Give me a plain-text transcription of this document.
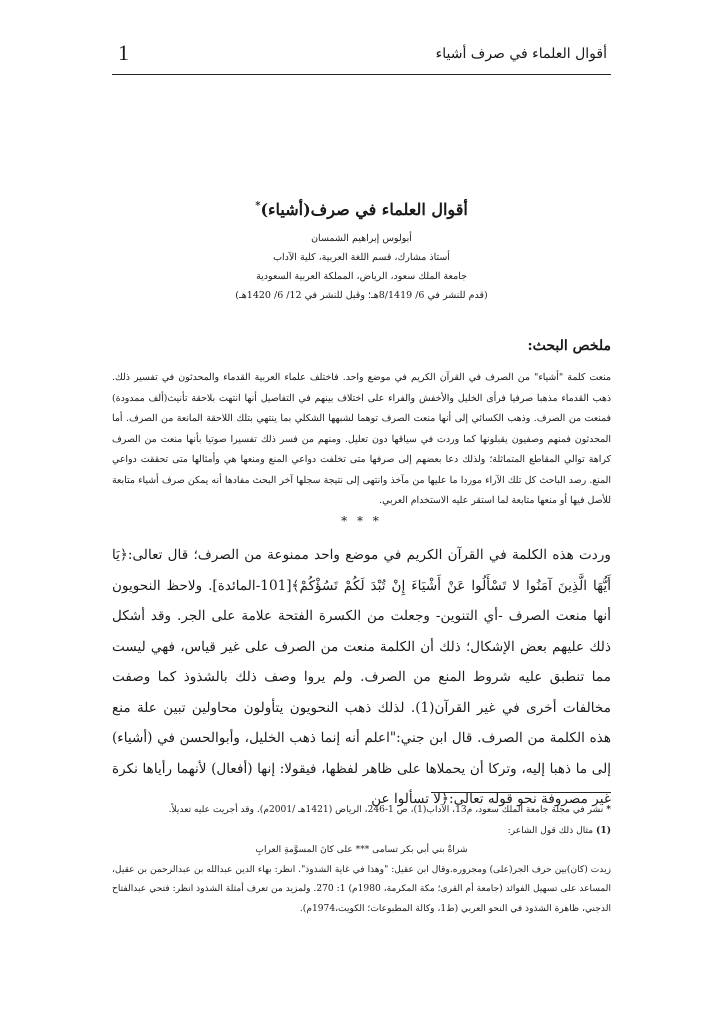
1	أقوال العلماء في صرف أشياء
أقوال العلماء في صرف(أشياء)*

أبولوس إبراهيم الشمسان

أستاذ مشارك، قسم اللغة العربية، كلية الآداب

جامعة الملك سعود، الرياض، المملكة العربية السعودية

(قدم للنشر في 6/ 8/1419هـ؛ وقبل للنشر في 12/ 6/ 1420هـ)

ملخص البحث:

منعت كلمة "أشياء" من الصرف في القرآن الكريم في موضع واحد. فاختلف علماء العربية القدماء والمحدثون في تفسير ذلك. ذهب القدماء مذهبا صرفيا فرأى الخليل والأخفش والفراء على اختلاف بينهم في التفاصيل أنها انتهت بلاحقة تأنيث(ألف ممدودة) فمنعت من الصرف. وذهب الكسائي إلى أنها منعت الصرف توهما لشبهها الشكلي بما ينتهي بتلك اللاحقة المانعة من الصرف. أما المحدثون فمنهم وصفيون يقبلونها كما وردت في سياقها دون تعليل. ومنهم من فسر ذلك تفسيرا صوتيا بأنها منعت من الصرف كراهة توالي المقاطع المتماثلة؛ ولذلك دعا بعضهم إلى صرفها متى تخلفت دواعي المنع ومنعها هي وأمثالها متى تحققت دواعي المنع. رصد الباحث كل تلك الآراء موردا ما عليها من مآخذ وانتهى إلى نتيجة سجلها آخر البحث مفادها أنه يمكن صرف أشياء متابعة للأصل فيها أو منعها متابعة لما استقر عليه الاستخدام العربي.

* * *

وردت هذه الكلمة في القرآن الكريم في موضع واحد ممنوعة من الصرف؛ قال تعالى:﴿يَا أَيُّهَا الَّذِينَ آمَنُوا لا تَسْأَلُوا عَنْ أَشْيَاءَ إِنْ تُبْدَ لَكُمْ تَسُؤْكُمْ﴾[101-المائدة]. ولاحظ النحويون أنها منعت الصرف -أي التنوين- وجعلت من الكسرة الفتحة علامة على الجر. وقد أشكل ذلك عليهم بعض الإشكال؛ ذلك أن الكلمة منعت من الصرف على غير قياس، فهي ليست مما تنطبق عليه شروط المنع من الصرف. ولم يروا وصف ذلك بالشذوذ كما وصفت مخالفات أخرى في غير القرآن(1). لذلك ذهب النحويون يتأولون محاولين تبين علة منع هذه الكلمة من الصرف. قال ابن جني:"اعلم أنه إنما ذهب الخليل، وأبوالحسن في (أشياء) إلى ما ذهبا إليه، وتركا أن يحملاها على ظاهر لفظها، فيقولا: إنها (أفعال) لأنهما رأياها نكرة غير مصروفة نحو قوله تعالى:﴿لا تسألوا عن

* نشر في مجلة جامعة الملك سعود، م13، الآداب(1)، ص 1-246، الرياض (1421هـ /2001م). وقد أجريت عليه تعديلاً.

(1) مثال ذلك قول الشاعر:

شراةٌ بني أبي بكر تسامى *** على كانَ المسوَّمةِ العرابِ

زيدت (كان)بين حرف الجر(على) ومجروره.وقال ابن عقيل: "وهذا في غاية الشذوذ". انظر: بهاء الدين عبدالله بن عبدالرحمن بن عقيل، المساعد على تسهيل الفوائد (جامعة أم القرى؛ مكة المكرمة، 1980م) 1: 270. ولمزيد من تعرف أمثلة الشذوذ انظر: فتحي عبدالفتاح الدجني، ظاهرة الشذوذ في النحو العربي (ط1، وكالة المطبوعات؛ الكويت،1974م).
